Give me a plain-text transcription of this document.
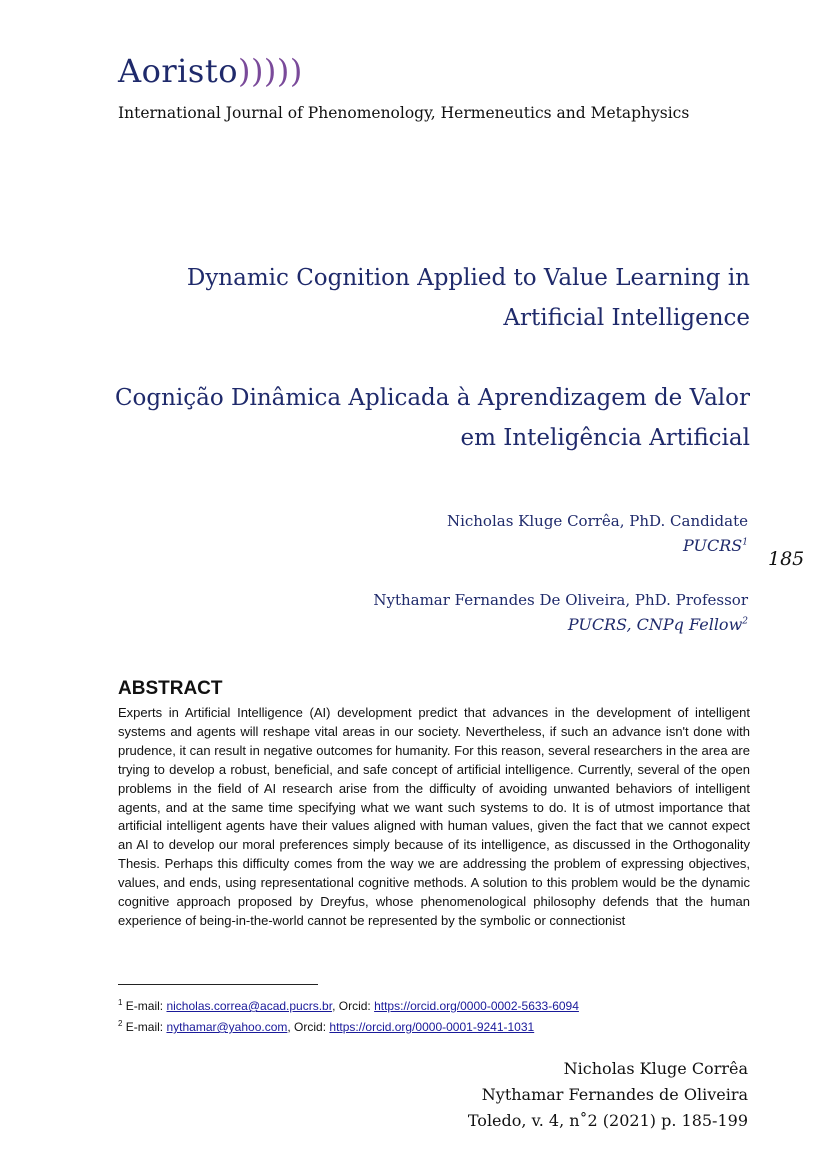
Aoristo)))))
International Journal of Phenomenology, Hermeneutics and Metaphysics
Dynamic Cognition Applied to Value Learning in
Artificial Intelligence
Cognição Dinâmica Aplicada à Aprendizagem de Valor
em Inteligência Artificial
Nicholas Kluge Corrêa, PhD. Candidate
PUCRS$^1$
185
Nythamar Fernandes De Oliveira, PhD. Professor
PUCRS, CNPq Fellow$^2$
ABSTRACT
Experts in Artificial Intelligence (AI) development predict that advances in the development of intelligent systems and agents will reshape vital areas in our society. Nevertheless, if such an advance isn't done with prudence, it can result in negative outcomes for humanity. For this reason, several researchers in the area are trying to develop a robust, beneficial, and safe concept of artificial intelligence. Currently, several of the open problems in the field of AI research arise from the difficulty of avoiding unwanted behaviors of intelligent agents, and at the same time specifying what we want such systems to do. It is of utmost importance that artificial intelligent agents have their values aligned with human values, given the fact that we cannot expect an AI to develop our moral preferences simply because of its intelligence, as discussed in the Orthogonality Thesis. Perhaps this difficulty comes from the way we are addressing the problem of expressing objectives, values, and ends, using representational cognitive methods. A solution to this problem would be the dynamic cognitive approach proposed by Dreyfus, whose phenomenological philosophy defends that the human experience of being-in-the-world cannot be represented by the symbolic or connectionist
$^1$ E-mail: nicholas.correa@acad.pucrs.br, Orcid: https://orcid.org/0000-0002-5633-6094
$^2$ E-mail: nythamar@yahoo.com, Orcid: https://orcid.org/0000-0001-9241-1031
Nicholas Kluge Corrêa
Nythamar Fernandes de Oliveira
Toledo, v. 4, n˚2 (2021) p. 185-199
